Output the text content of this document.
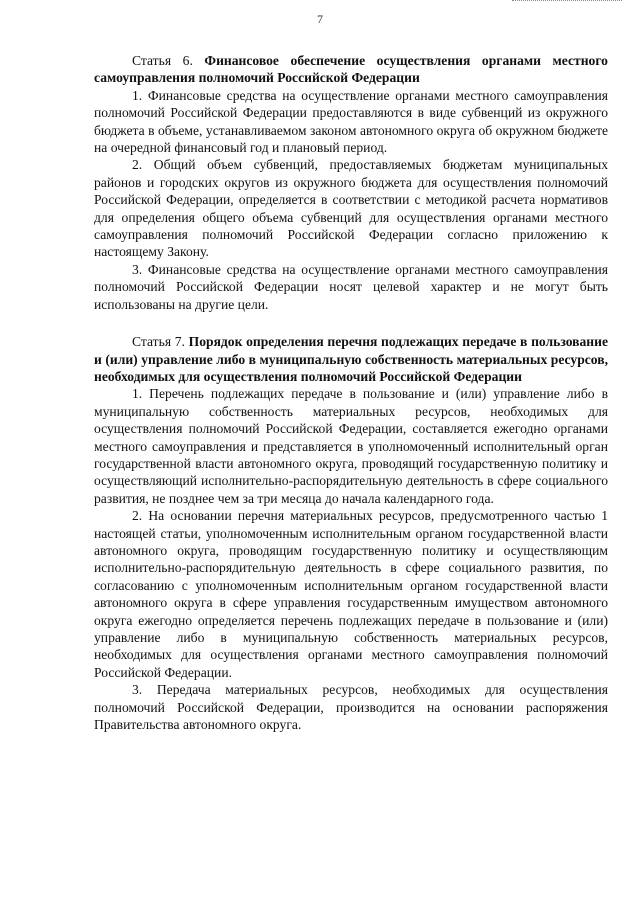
7

Статья 6. Финансовое обеспечение осуществления органами местного самоуправления полномочий Российской Федерации

1. Финансовые средства на осуществление органами местного самоуправления полномочий Российской Федерации предоставляются в виде субвенций из окружного бюджета в объеме, устанавливаемом законом автономного округа об окружном бюджете на очередной финансовый год и плановый период.

2. Общий объем субвенций, предоставляемых бюджетам муниципальных районов и городских округов из окружного бюджета для осуществления полномочий Российской Федерации, определяется в соответствии с методикой расчета нормативов для определения общего объема субвенций для осуществления органами местного самоуправления полномочий Российской Федерации согласно приложению к настоящему Закону.

3. Финансовые средства на осуществление органами местного самоуправления полномочий Российской Федерации носят целевой характер и не могут быть использованы на другие цели.

Статья 7. Порядок определения перечня подлежащих передаче в пользование и (или) управление либо в муниципальную собственность материальных ресурсов, необходимых для осуществления полномочий Российской Федерации

1. Перечень подлежащих передаче в пользование и (или) управление либо в муниципальную собственность материальных ресурсов, необходимых для осуществления полномочий Российской Федерации, составляется ежегодно органами местного самоуправления и представляется в уполномоченный исполнительный орган государственной власти автономного округа, проводящий государственную политику и осуществляющий исполнительно-распорядительную деятельность в сфере социального развития, не позднее чем за три месяца до начала календарного года.

2. На основании перечня материальных ресурсов, предусмотренного частью 1 настоящей статьи, уполномоченным исполнительным органом государственной власти автономного округа, проводящим государственную политику и осуществляющим исполнительно-распорядительную деятельность в сфере социального развития, по согласованию с уполномоченным исполнительным органом государственной власти автономного округа в сфере управления государственным имуществом автономного округа ежегодно определяется перечень подлежащих передаче в пользование и (или) управление либо в муниципальную собственность материальных ресурсов, необходимых для осуществления органами местного самоуправления полномочий Российской Федерации.

3. Передача материальных ресурсов, необходимых для осуществления полномочий Российской Федерации, производится на основании распоряжения Правительства автономного округа.
